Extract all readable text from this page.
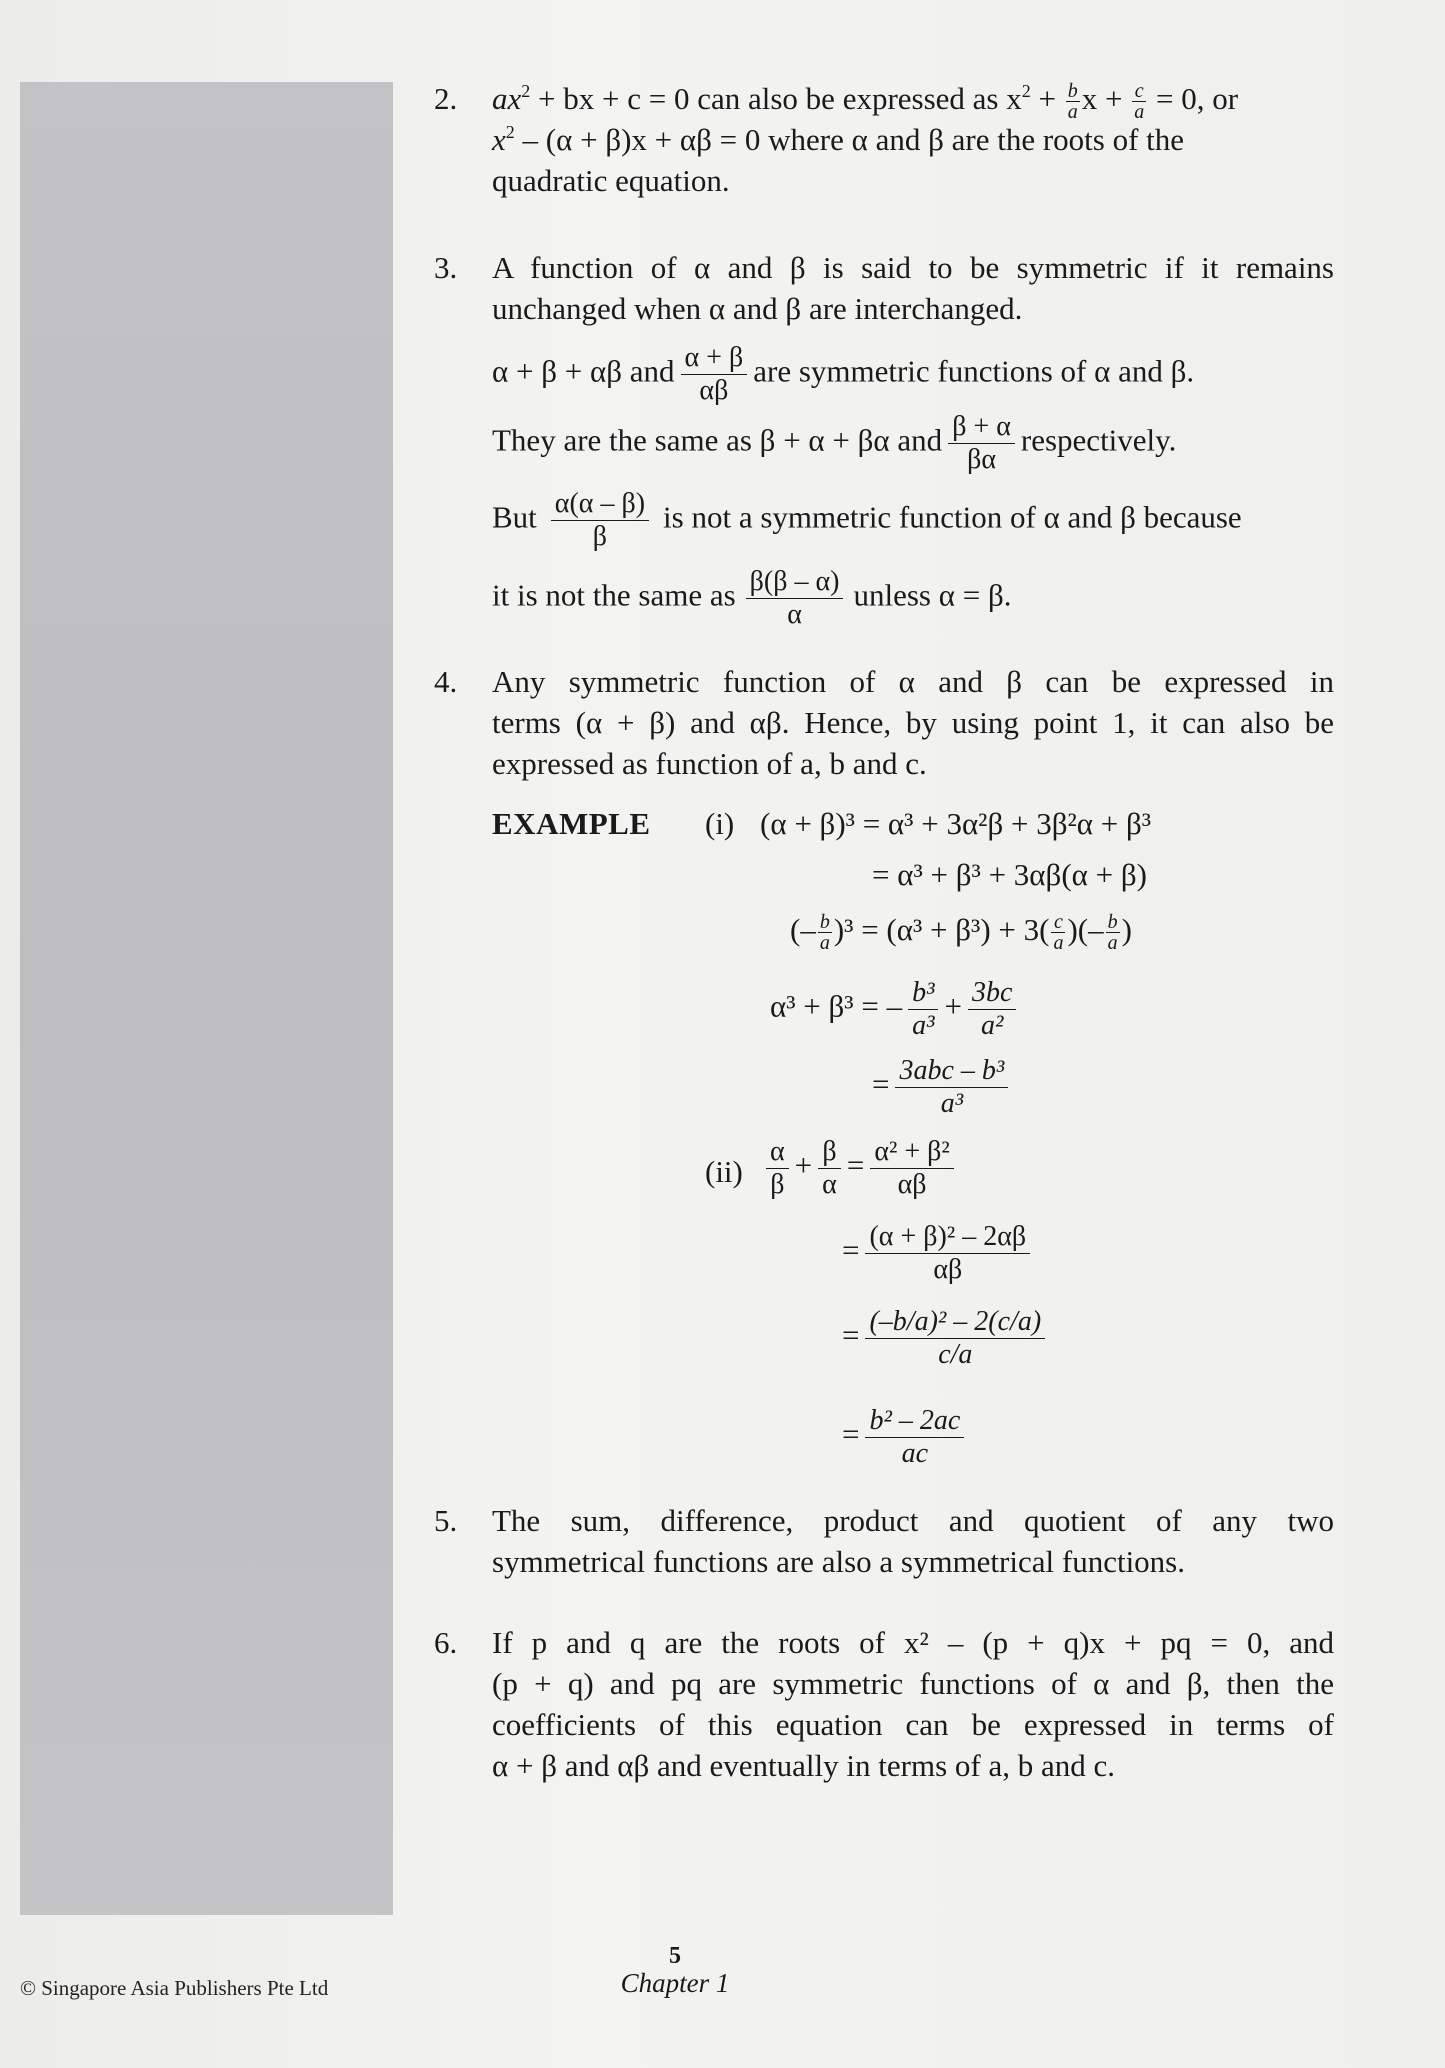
2. $ax^2$ + bx + c = 0 can also be expressed as $x^2 + \frac{b}{a}$ $x + \frac{c}{a} = 0$, or
$x^2 - (\alpha + \beta)x + \alpha\beta = 0$ where α and β are the roots of the
quadratic equation.
3. A function of α and β is said to be symmetric if it remains
unchanged when α and β are interchanged.
α + β + αβ and $\frac{\alpha + \beta}{\alpha\beta}$ are symmetric functions of α and β.
They are the same as β + α + βα and $\frac{\beta + \alpha}{\beta\alpha}$ respectively.
But $\frac{\alpha(\alpha - \beta)}{\beta}$ is not a symmetric function of α and β because
it is not the same as $\frac{\beta(\beta - \alpha)}{\alpha}$ unless α = β.
4. Any symmetric function of α and β can be expressed in
terms (α + β) and αβ. Hence, by using point 1, it can also be
expressed as function of a, b and c.
EXAMPLE (i) (α + β)³ = α³ + 3α²β + 3β²α + β³
= α³ + β³ + 3αβ(α + β)
(– $\frac{b}{a} )^3 = (\alpha^3 + \beta^3) + 3( \frac{c}{a}$ )(– $\frac{b}{a}$ )
α³ + β³ = – $\frac{\text{b³}}{\text{a³}} + \frac{3bc}{\text{a²}}$
= $\frac{\text{3abc – b³}}{\text{a³}}$
$(ii) \frac{\alpha}{\beta} + \frac{\beta}{\alpha} = \frac{\text{α² + β²}}{\alpha\beta}$
= $\frac{\text{(α + β)² – 2αβ}}{\alpha\beta}$
= $\frac{\text{(–b/a)² – 2(c/a)}}{c/a}$
= $\frac{\text{b² – 2ac}}{ac}$
5. The sum, difference, product and quotient of any two
symmetrical functions are also a symmetrical functions.
6. If p and q are the roots of x² – (p + q)x + pq = 0, and
(p + q) and pq are symmetric functions of α and β, then the
coefficients of this equation can be expressed in terms of
α + β and αβ and eventually in terms of a, b and c.
© Singapore Asia Publishers Pte Ltd
5
Chapter 1
